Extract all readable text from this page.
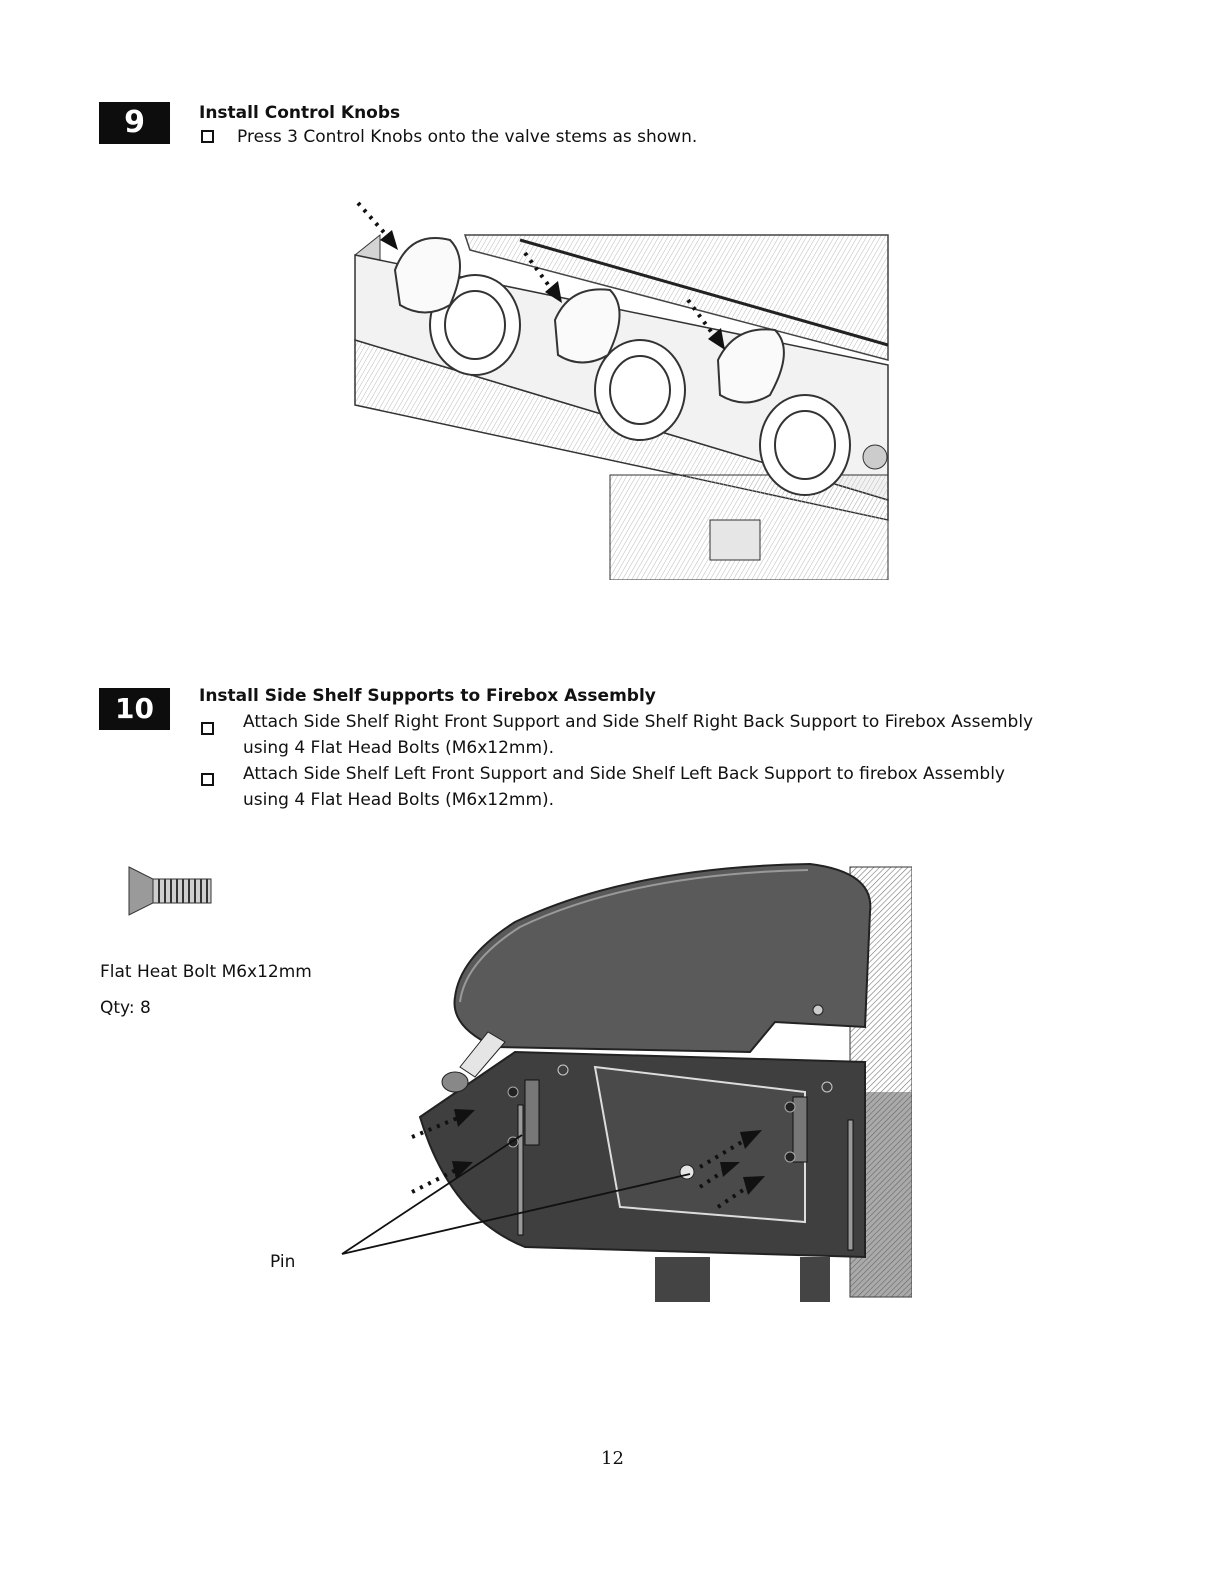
9	Install Control Knobs
Press 3 Control Knobs onto the valve stems as shown.
10	Install Side Shelf Supports to Firebox Assembly
Attach Side Shelf Right Front Support and Side Shelf Right Back Support to Firebox Assembly
using 4 Flat Head Bolts (M6x12mm).
Attach Side Shelf Left Front Support and Side Shelf Left Back Support to firebox Assembly
using 4 Flat Head Bolts (M6x12mm).
Flat Heat Bolt M6x12mm
Qty: 8
Pin
12
